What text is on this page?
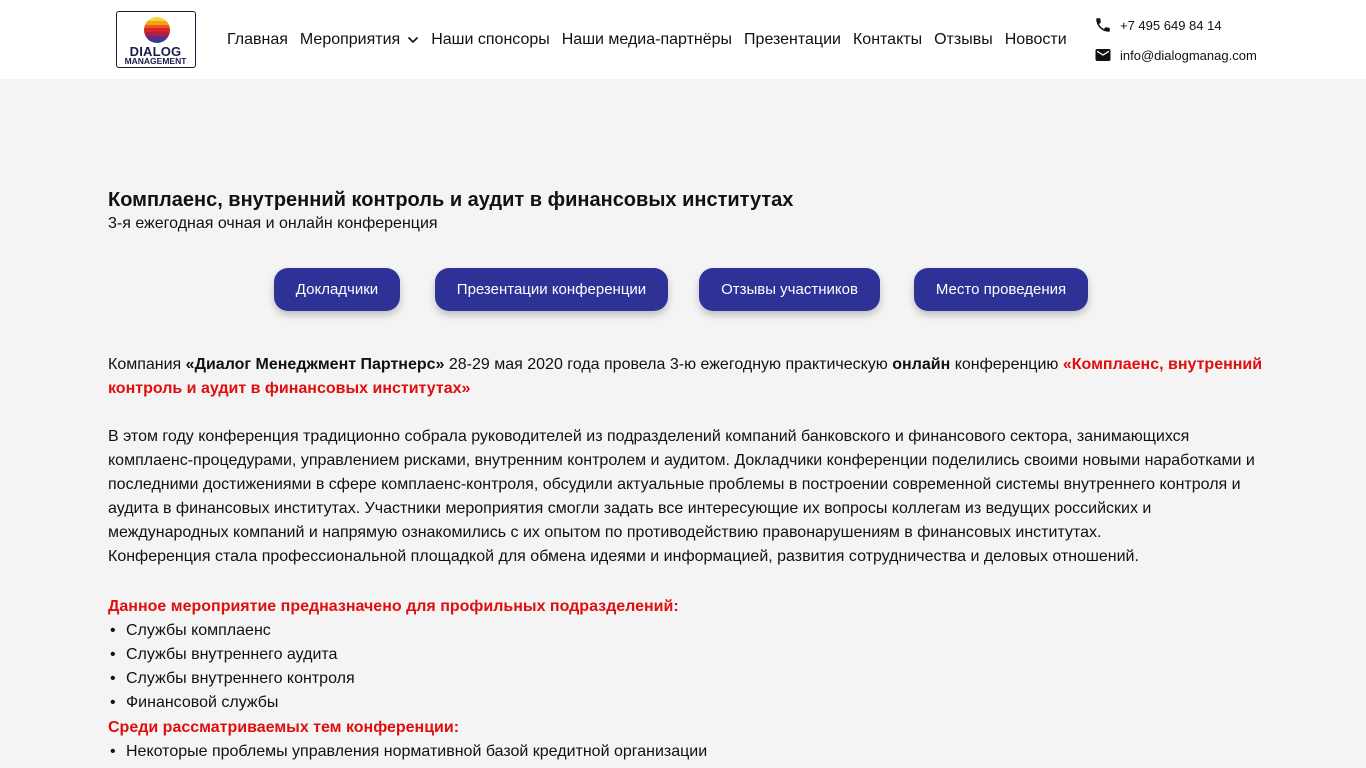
DIALOG
MANAGEMENT
Главная Мероприятия Наши спонсоры Наши медиа-партнёры Презентации Контакты Отзывы Новости
+7 495 649 84 14
info@dialogmanag.com
Комплаенс, внутренний контроль и аудит в финансовых институтах
3-я ежегодная очная и онлайн конференция
Докладчики	Презентации конференции	Отзывы участников	Место проведения

Компания «Диалог Менеджмент Партнерс» 28-29 мая 2020 года провела 3-ю ежегодную практическую онлайн конференцию «Комплаенс, внутренний контроль и аудит в финансовых институтах»

В этом году конференция традиционно собрала руководителей из подразделений компаний банковского и финансового сектора, занимающихся комплаенс-процедурами, управлением рисками, внутренним контролем и аудитом. Докладчики конференции поделились своими новыми наработками и последними достижениями в сфере комплаенс-контроля, обсудили актуальные проблемы в построении современной системы внутреннего контроля и аудита в финансовых институтах. Участники мероприятия смогли задать все интересующие их вопросы коллегам из ведущих российских и международных компаний и напрямую ознакомились с их опытом по противодействию правонарушениям в финансовых институтах.

Конференция стала профессиональной площадкой для обмена идеями и информацией, развития сотрудничества и деловых отношений.

Данное мероприятие предназначено для профильных подразделений:

• Службы комплаенс
• Службы внутреннего аудита
• Службы внутреннего контроля
• Финансовой службы

Среди рассматриваемых тем конференции:

• Некоторые проблемы управления нормативной базой кредитной организации
